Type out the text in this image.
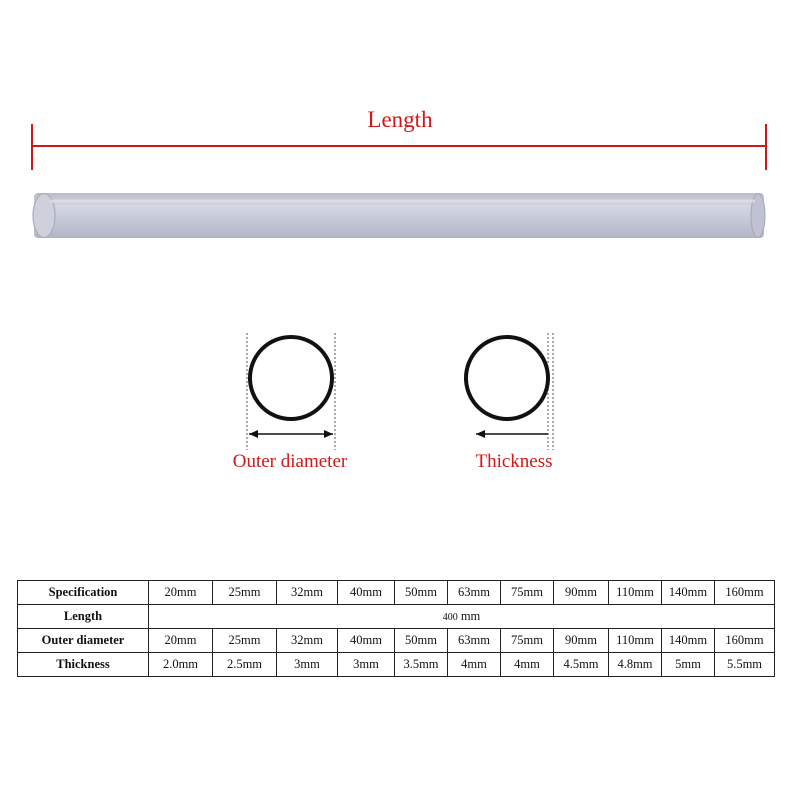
Length
Outer diameter	Thickness
Specification	20mm	25mm	32mm	40mm	50mm	63mm	75mm	90mm	110mm	140mm	160mm
Length	400 mm										
Outer diameter	20mm	25mm	32mm	40mm	50mm	63mm	75mm	90mm	110mm	140mm	160mm
Thickness	2.0mm	2.5mm	3mm	3mm	3.5mm	4mm	4mm	4.5mm	4.8mm	5mm	5.5mm
